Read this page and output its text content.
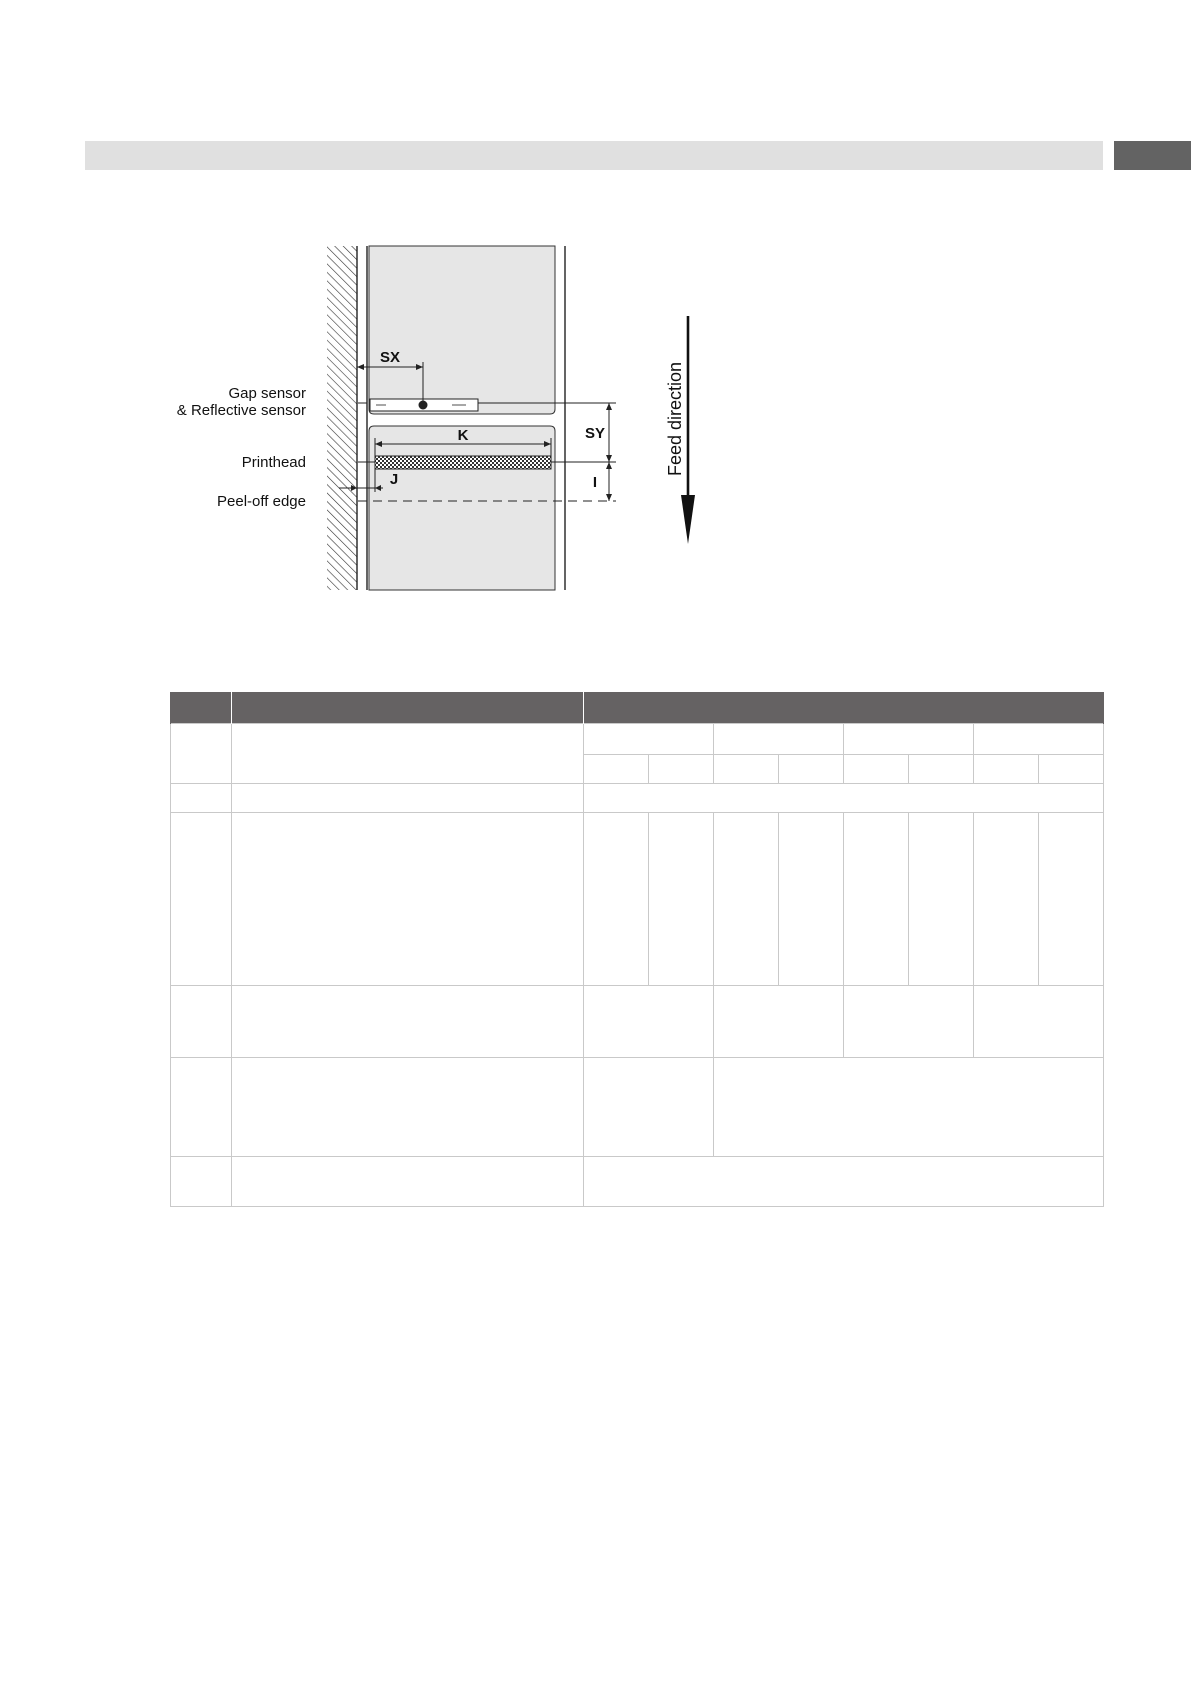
SX
K
J
SY
I
Gap sensor
& Reflective sensor
Printhead
Peel-off edge
Feed direction
